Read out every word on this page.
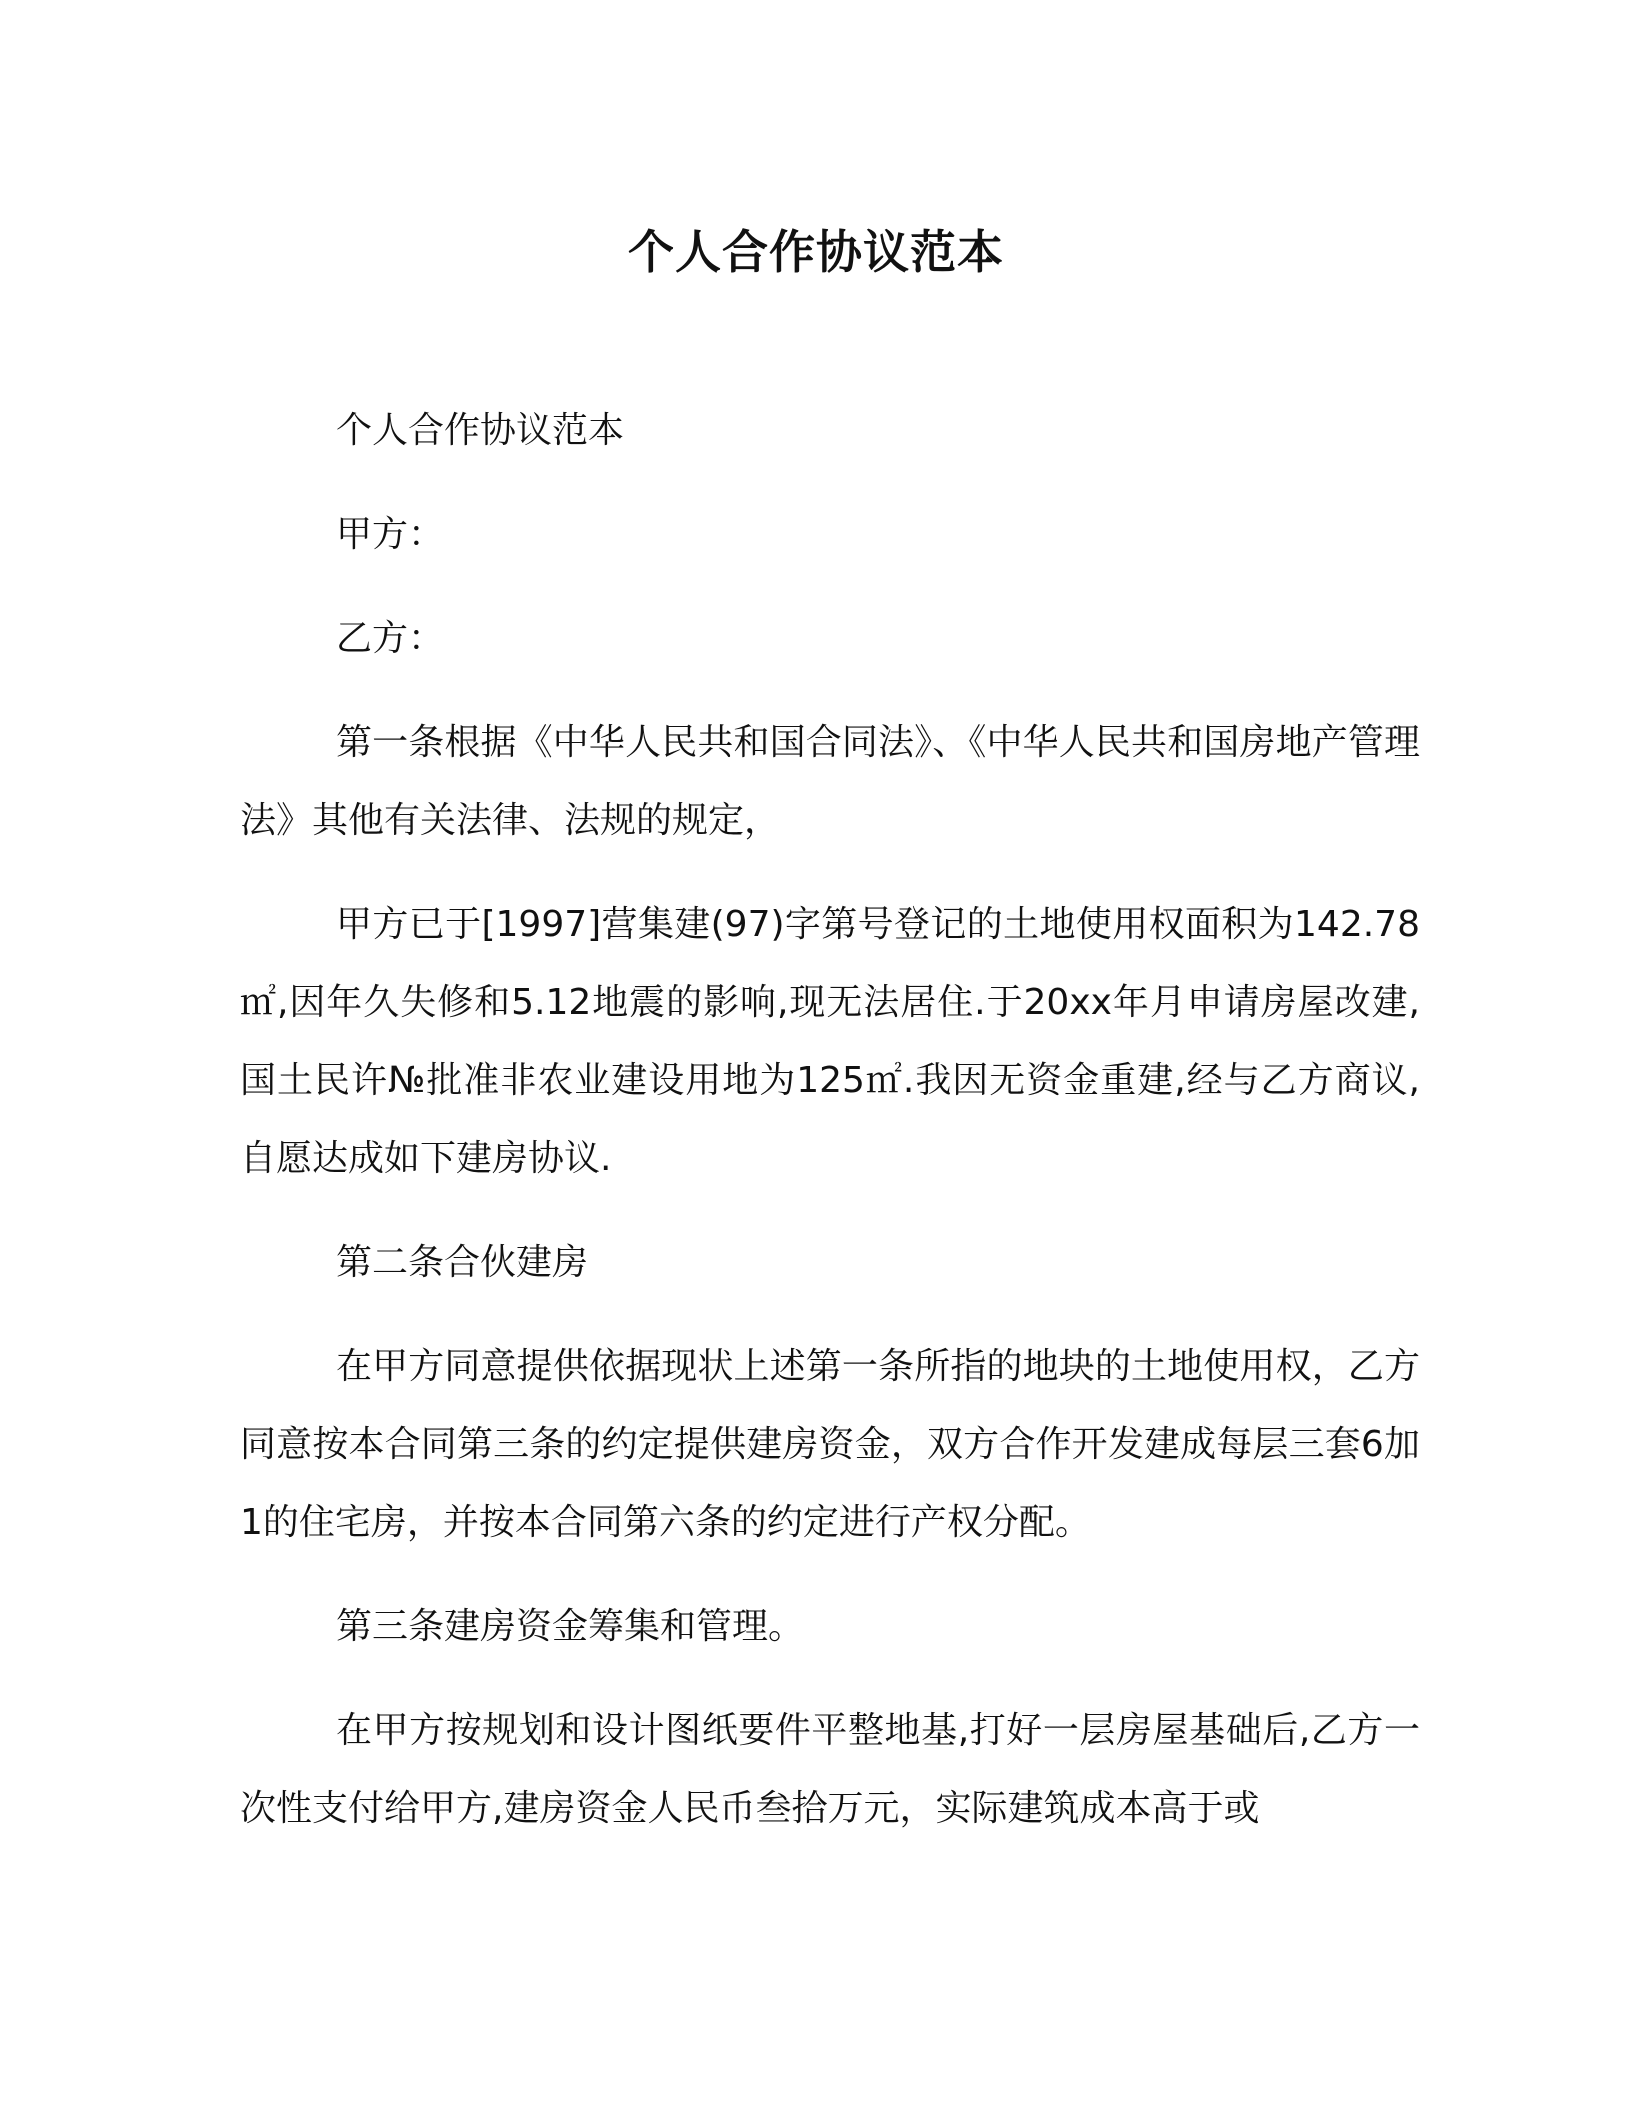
个人合作协议范本

个人合作协议范本

甲方：

乙方：

第一条根据《中华人民共和国合同法》、《中华人民共和国房地产管理法》其他有关法律、法规的规定，

甲方已于[1997]营集建(97)字第号登记的土地使用权面积为142.78㎡,因年久失修和5.12地震的影响,现无法居住.于20xx年月申请房屋改建,国土民许№批准非农业建设用地为125㎡.我因无资金重建,经与乙方商议,自愿达成如下建房协议.

第二条合伙建房

在甲方同意提供依据现状上述第一条所指的地块的土地使用权，乙方同意按本合同第三条的约定提供建房资金，双方合作开发建成每层三套6加1的住宅房，并按本合同第六条的约定进行产权分配。

第三条建房资金筹集和管理。

在甲方按规划和设计图纸要件平整地基,打好一层房屋基础后,乙方一次性支付给甲方,建房资金人民币叁拾万元，实际建筑成本高于或
